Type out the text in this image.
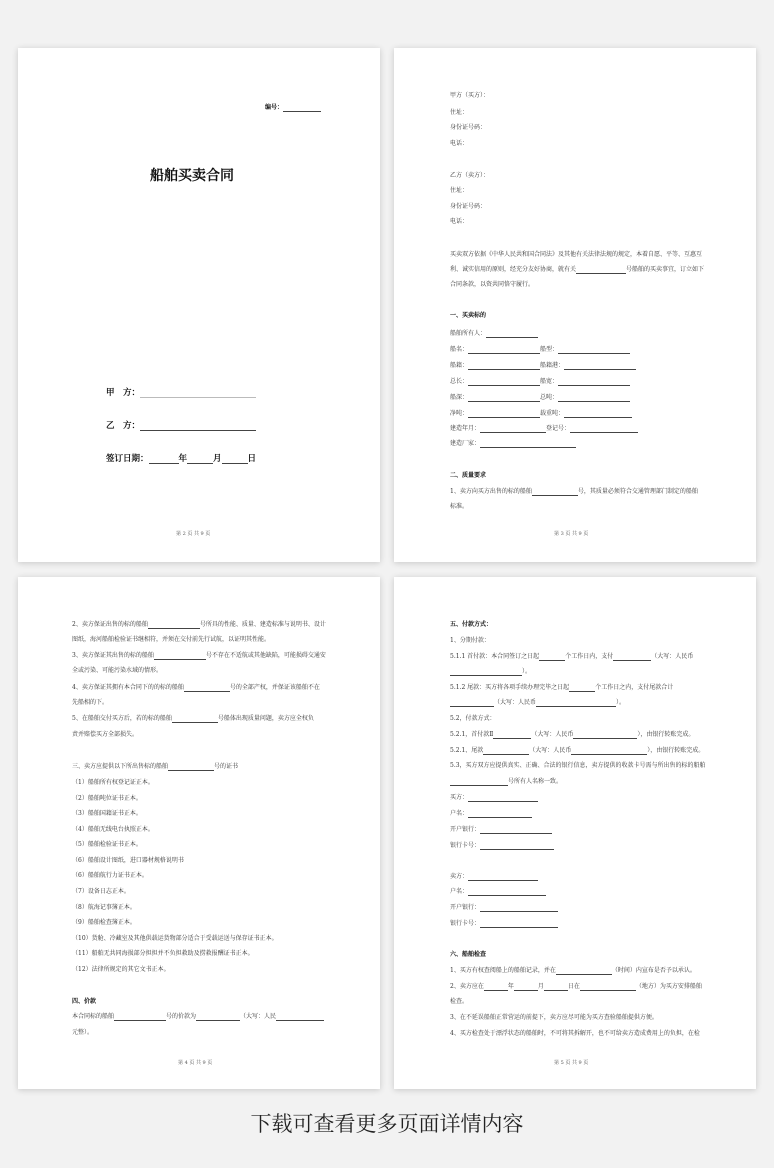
编号：
船舶买卖合同
甲　方：
乙　方：
签订日期：	年	月	日
第 2 页 共 9 页
甲方（买方）：
住址：
身份证号码：
电话：
乙方（卖方）：
住址：
身份证号码：
电话：
买卖双方依据《中华人民共和国合同法》及其他有关法律法规的规定，本着自愿、平等、互惠互
利、诚实信用的原则，经充分友好协商，就有关	号船舶的买卖事宜，订立如下
合同条款，以资共同恪守履行。
一、买卖标的
船舶所有人：
船名：	船型：
船籍：	船籍港：
总长：	船宽：
船深：	总吨：
净吨：	载重吨：
建造年月：	登记号：
建造厂家：
二、质量要求
1、卖方向买方出售的标的船舶	号，其质量必须符合交通管理部门制定的船舶
标准。
第 3 页 共 9 页
2、卖方保证出售的标的船舶	号所具的性能、质量、建造标准与说明书、设计
图纸，海河船舶检验证书继相符，并须在交付前先行试航，以证明其性能。
3、卖方保证其出售的标的船舶	号不存在不适航或其他缺陷，可能损碍交通安
全或污染、可能污染水域的情形。
4、卖方保证其拥有本合同下的的标的船舶	号的全部产权，并保证该船舶不在
先船相的下。
5、在船舶交付买方后，若的标的船舶	号船体出现质量问题，卖方应全权负
责并赔偿买方全部损失。
三、卖方应提供以下所出售标的船舶	号的证书
（1）船舶所有权登记证正本。
（2）船舶吨位证书正本。
（3）船舶国籍证书正本。
（4）船舶无线电台执照正本。
（5）船舶检验证书正本。
（6）船舶设计图纸，进口器材规格说明书
（6）船舶航行力证书正本。
（7）设备日志正本。
（8）航海记事簿正本。
（9）船舶检查簿正本。
（10）货舱、冷藏室及其他供载运货物部分适合于受载运送与保存证书正本。
（11）船舶无共同海损部分担担并不负担救助及捞救报酬证书正本。
（12）法律所规定的其它文书正本。
四、价款
本合同标的船舶	号的价款为	（大写：人民
元整）。
第 4 页 共 9 页
五、付款方式：
1、分期付款：
5.1.1 首付款：本合同签订之日起	个工作日内，支付	（大写：人民币
）。
5.1.2 尾款：买方将各项手续办理完毕之日起	个工作日之内，支付尾款合计
（大写：人民币	）。
5.2，付款方式：
5.2.1，首付款Ⅱ	（大写：人民币	），由银行转账完成。
5.2.1、尾款	（大写：人民币	），由银行转账完成。
5.3，买方双方应提供真实、正确、合法的银行信息，卖方提供的收款卡号需与所出售的标的船舶
号所有人名称一致。
买方：
户名：
开户银行：
银行卡号：
卖方：
户名：
开户银行：
银行卡号：
六、船舶检查
1、买方有权查阅船上的船舶记录，并在	（时间）内宣布是否予以承认。
2、卖方应在	年	月	日在	（地方）为买方安排船舶
检查。
3、在不延误船舶正常营运的前提下，卖方应尽可能为买方查验船舶提供方便。
4、买方检查处于漂浮状态的船舶时，不可将其拆解开，也不可给卖方造成费用上的负担，在检
第 5 页 共 9 页
下载可查看更多页面详情内容
